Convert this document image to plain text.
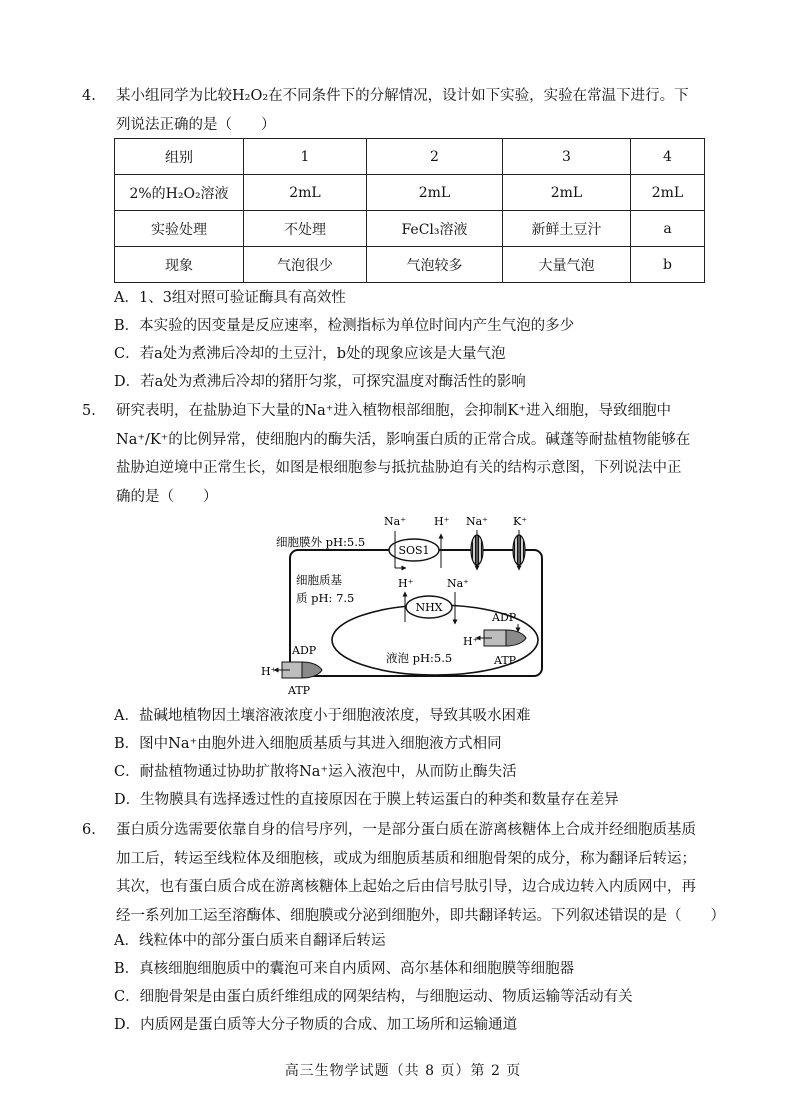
4. 某小组同学为比较H₂O₂在不同条件下的分解情况，设计如下实验，实验在常温下进行。下
列说法正确的是（　　）
组别	1	2	3	4
2%的H₂O₂溶液	2mL	2mL	2mL	2mL
实验处理	不处理	FeCl₃溶液	新鲜土豆汁	a
现象	气泡很少	气泡较多	大量气泡	b
A．1、3组对照可验证酶具有高效性
B．本实验的因变量是反应速率，检测指标为单位时间内产生气泡的多少
C．若a处为煮沸后冷却的土豆汁，b处的现象应该是大量气泡
D．若a处为煮沸后冷却的猪肝匀浆，可探究温度对酶活性的影响
5. 研究表明，在盐胁迫下大量的Na⁺进入植物根部细胞，会抑制K⁺进入细胞，导致细胞中
Na⁺/K⁺的比例异常，使细胞内的酶失活，影响蛋白质的正常合成。碱蓬等耐盐植物能够在
盐胁迫逆境中正常生长，如图是根细胞参与抵抗盐胁迫有关的结构示意图，下列说法中正
确的是（　　）
细胞膜外 pH:5.5
细胞质基
质 pH: 7.5
液泡 pH:5.5
SOS1
Na⁺	H⁺ Na⁺ K⁺
H⁺	Na⁺
NHX
ADP
H⁺
ATP
ADP
H⁺
ATP
A．盐碱地植物因土壤溶液浓度小于细胞液浓度，导致其吸水困难
B．图中Na⁺由胞外进入细胞质基质与其进入细胞液方式相同
C．耐盐植物通过协助扩散将Na⁺运入液泡中，从而防止酶失活
D．生物膜具有选择透过性的直接原因在于膜上转运蛋白的种类和数量存在差异
6. 蛋白质分选需要依靠自身的信号序列，一是部分蛋白质在游离核糖体上合成并经细胞质基质
加工后，转运至线粒体及细胞核，或成为细胞质基质和细胞骨架的成分，称为翻译后转运；
其次，也有蛋白质合成在游离核糖体上起始之后由信号肽引导，边合成边转入内质网中，再
经一系列加工运至溶酶体、细胞膜或分泌到细胞外，即共翻译转运。下列叙述错误的是（　　）
A．线粒体中的部分蛋白质来自翻译后转运
B．真核细胞细胞质中的囊泡可来自内质网、高尔基体和细胞膜等细胞器
C．细胞骨架是由蛋白质纤维组成的网架结构，与细胞运动、物质运输等活动有关
D．内质网是蛋白质等大分子物质的合成、加工场所和运输通道
高三生物学试题（共 8 页）第 2 页
